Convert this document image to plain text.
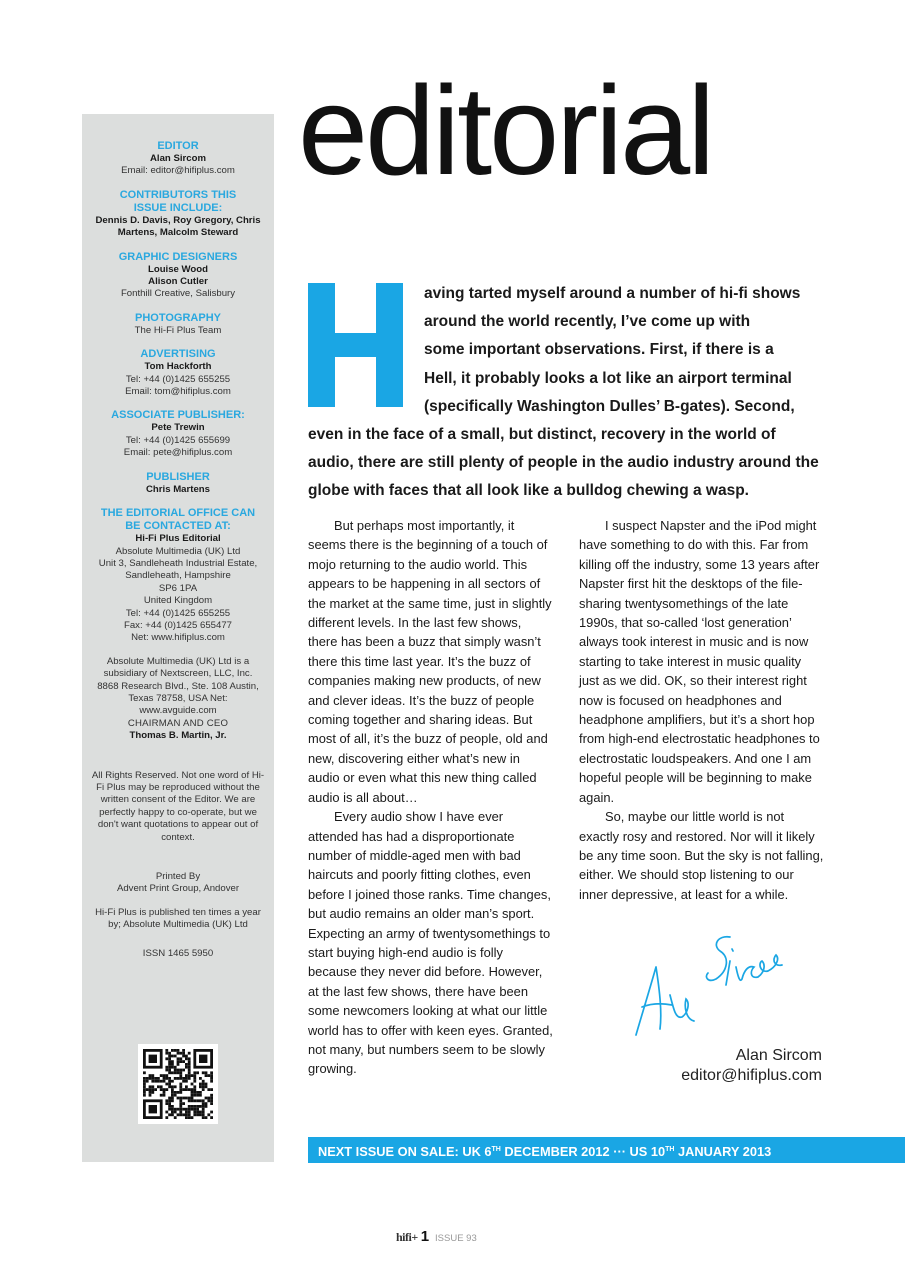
EDITOR
Alan Sircom
Email: editor@hifiplus.com
CONTRIBUTORS THIS ISSUE INCLUDE:
Dennis D. Davis, Roy Gregory, Chris Martens, Malcolm Steward
GRAPHIC DESIGNERS
Louise Wood
Alison Cutler
Fonthill Creative, Salisbury
PHOTOGRAPHY
The Hi-Fi Plus Team
ADVERTISING
Tom Hackforth
Tel: +44 (0)1425 655255
Email: tom@hifiplus.com
ASSOCIATE PUBLISHER:
Pete Trewin
Tel: +44 (0)1425 655699
Email: pete@hifiplus.com
PUBLISHER
Chris Martens
THE EDITORIAL OFFICE CAN BE CONTACTED AT:
Hi-Fi Plus Editorial
Absolute Multimedia (UK) Ltd
Unit 3, Sandleheath Industrial Estate,
Sandleheath, Hampshire
SP6 1PA
United Kingdom
Tel: +44 (0)1425 655255
Fax: +44 (0)1425 655477
Net: www.hifiplus.com
Absolute Multimedia (UK) Ltd is a subsidiary of Nextscreen, LLC, Inc. 8868 Research Blvd., Ste. 108 Austin, Texas 78758, USA Net: www.avguide.com
CHAIRMAN AND CEO
Thomas B. Martin, Jr.
All Rights Reserved. Not one word of Hi-Fi Plus may be reproduced without the written consent of the Editor. We are perfectly happy to co-operate, but we don't want quotations to appear out of context.
Printed By
Advent Print Group, Andover
Hi-Fi Plus is published ten times a year by; Absolute Multimedia (UK) Ltd
ISSN 1465 5950
editorial

aving tarted myself around a number of hi-fi shows

around the world recently, I’ve come up with

some important observations. First, if there is a

Hell, it probably looks a lot like an airport terminal

(specifically Washington Dulles’ B-gates). Second,

even in the face of a small, but distinct, recovery in the world of audio, there are still plenty of people in the audio industry around the globe with faces that all look like a bulldog chewing a wasp.

But perhaps most importantly, it seems there is the beginning of a touch of mojo returning to the audio world. This appears to be happening in all sectors of the market at the same time, just in slightly different levels. In the last few shows, there has been a buzz that simply wasn’t there this time last year. It’s the buzz of companies making new products, of new and clever ideas. It’s the buzz of people coming together and sharing ideas. But most of all, it’s the buzz of people, old and new, discovering either what’s new in audio or even what this new thing called audio is all about…

Every audio show I have ever attended has had a disproportionate number of middle-aged men with bad haircuts and poorly fitting clothes, even before I joined those ranks. Time changes, but audio remains an older man’s sport. Expecting an army of twentysomethings to start buying high-end audio is folly because they never did before. However, at the last few shows, there have been some newcomers looking at what our little world has to offer with keen eyes. Granted, not many, but numbers seem to be slowly growing.

I suspect Napster and the iPod might have something to do with this. Far from killing off the industry, some 13 years after Napster first hit the desktops of the file-sharing twentysomethings of the late 1990s, that so-called ‘lost generation’ always took interest in music and is now starting to take interest in music quality just as we did. OK, so their interest right now is focused on headphones and headphone amplifiers, but it’s a short hop from high-end electrostatic headphones to electrostatic loudspeakers. And one I am hopeful people will be beginning to make again.

So, maybe our little world is not exactly rosy and restored. Nor will it likely be any time soon. But the sky is not falling, either. We should stop listening to our inner depressive, at least for a while.

Alan Sircom
editor@hifiplus.com
NEXT ISSUE ON SALE: UK 6TH DECEMBER 2012 ··· US 10TH JANUARY 2013
hifi+ 1 ISSUE 93
